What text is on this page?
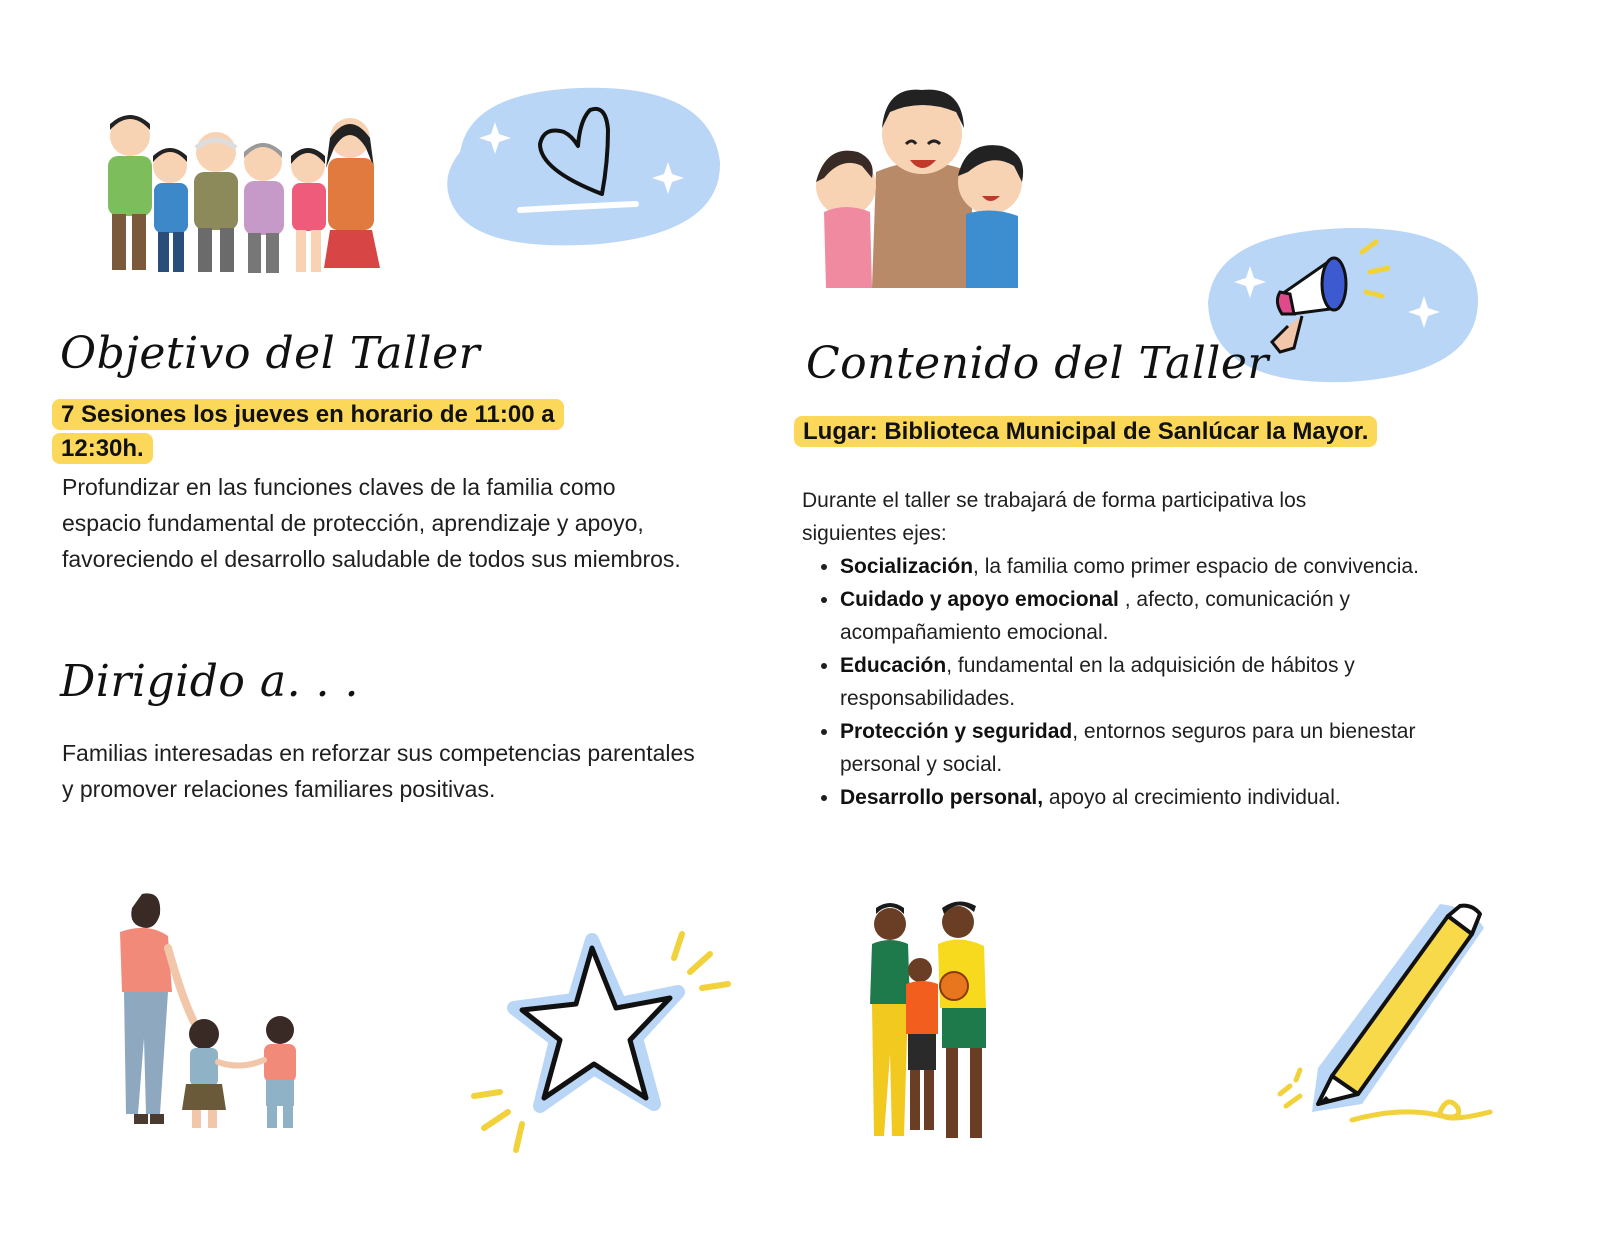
Objetivo del Taller
7 Sesiones los jueves en horario de 11:00 a 12:30h.
Profundizar en las funciones claves de la familia como espacio fundamental de protección, aprendizaje y apoyo, favoreciendo el desarrollo saludable de todos sus miembros.
Dirigido a. . .
Familias interesadas en reforzar sus competencias parentales y promover relaciones familiares positivas.
Contenido del Taller
Lugar: Biblioteca Municipal de Sanlúcar la Mayor.
Durante el taller se trabajará de forma participativa los siguientes ejes:
• Socialización, la familia como primer espacio de convivencia.
• Cuidado y apoyo emocional , afecto, comunicación y acompañamiento emocional.
• Educación, fundamental en la adquisición de hábitos y responsabilidades.
• Protección y seguridad, entornos seguros para un bienestar personal y social.
• Desarrollo personal, apoyo al crecimiento individual.
